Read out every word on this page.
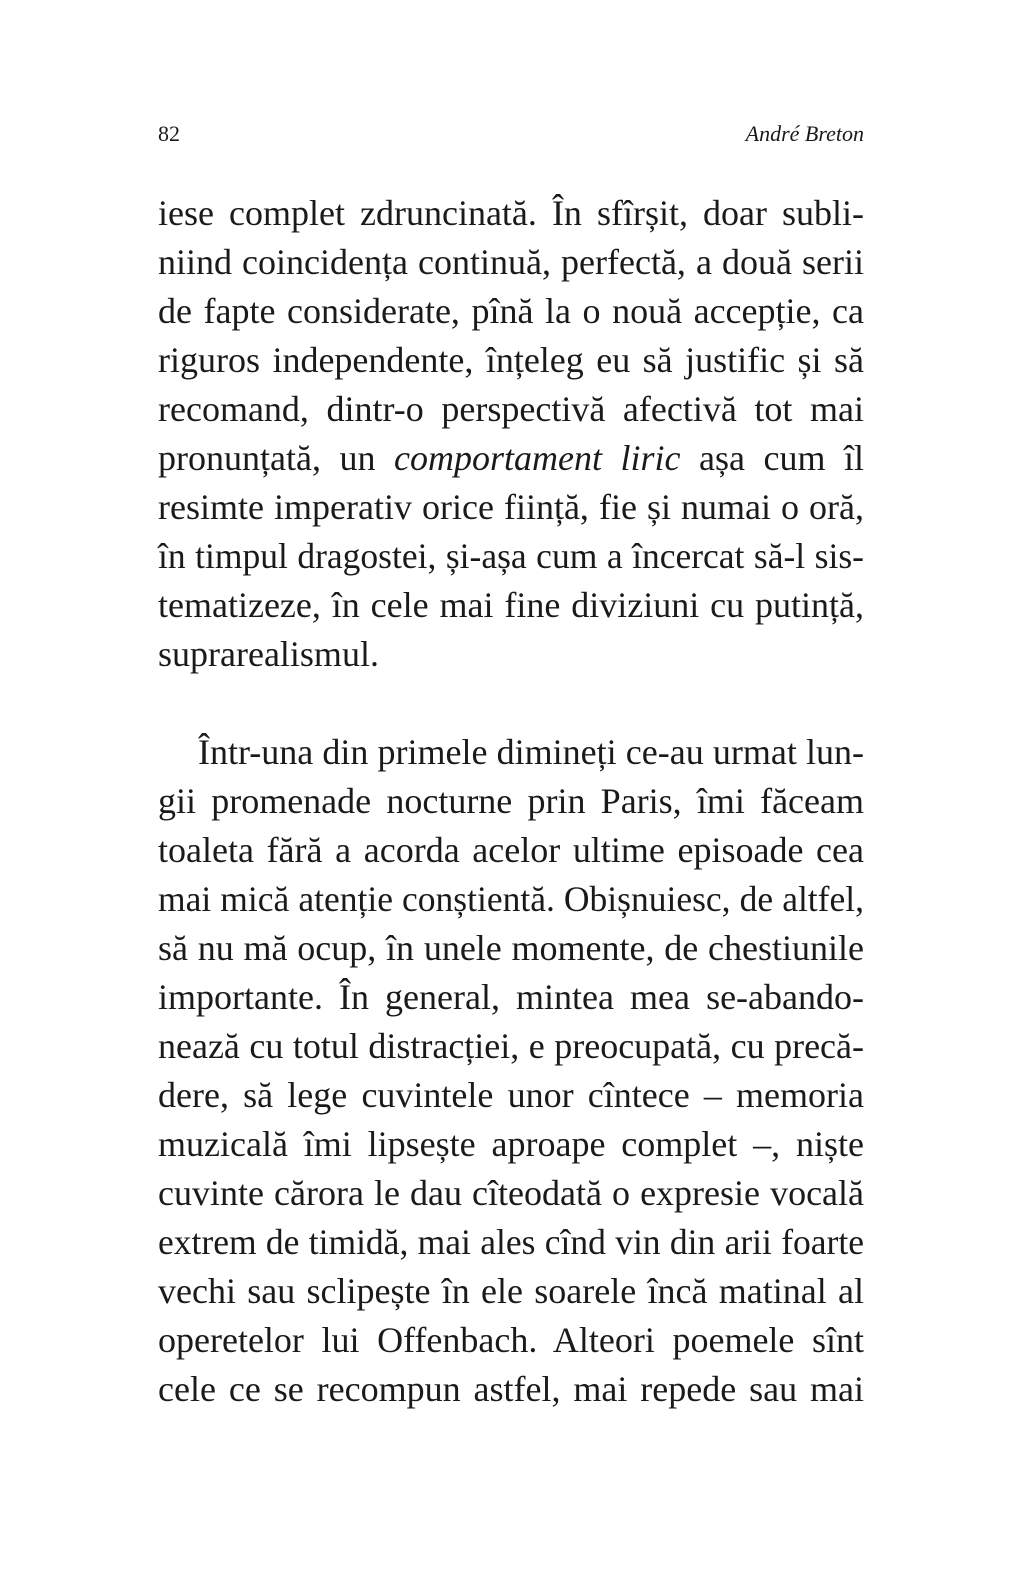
82	André Breton
iese complet zdruncinată. În sfîrșit, doar subli-
niind coincidența continuă, perfectă, a două serii
de fapte considerate, pînă la o nouă accepție, ca
riguros independente, înțeleg eu să justific și să
recomand, dintr-o perspectivă afectivă tot mai
pronunțată, un comportament liric așa cum îl
resimte imperativ orice ființă, fie și numai o oră,
în timpul dragostei, și-așa cum a încercat să-l sis-
tematizeze, în cele mai fine diviziuni cu putință,
suprarealismul.
Într-una din primele dimineți ce-au urmat lun-
gii promenade nocturne prin Paris, îmi făceam
toaleta fără a acorda acelor ultime episoade cea
mai mică atenție conștientă. Obișnuiesc, de altfel,
să nu mă ocup, în unele momente, de chestiunile
importante. În general, mintea mea se-abando-
nează cu totul distracției, e preocupată, cu precă-
dere, să lege cuvintele unor cîntece – memoria
muzicală îmi lipsește aproape complet –, niște
cuvinte cărora le dau cîteodată o expresie vocală
extrem de timidă, mai ales cînd vin din arii foarte
vechi sau sclipește în ele soarele încă matinal al
operetelor lui Offenbach. Alteori poemele sînt
cele ce se recompun astfel, mai repede sau mai
